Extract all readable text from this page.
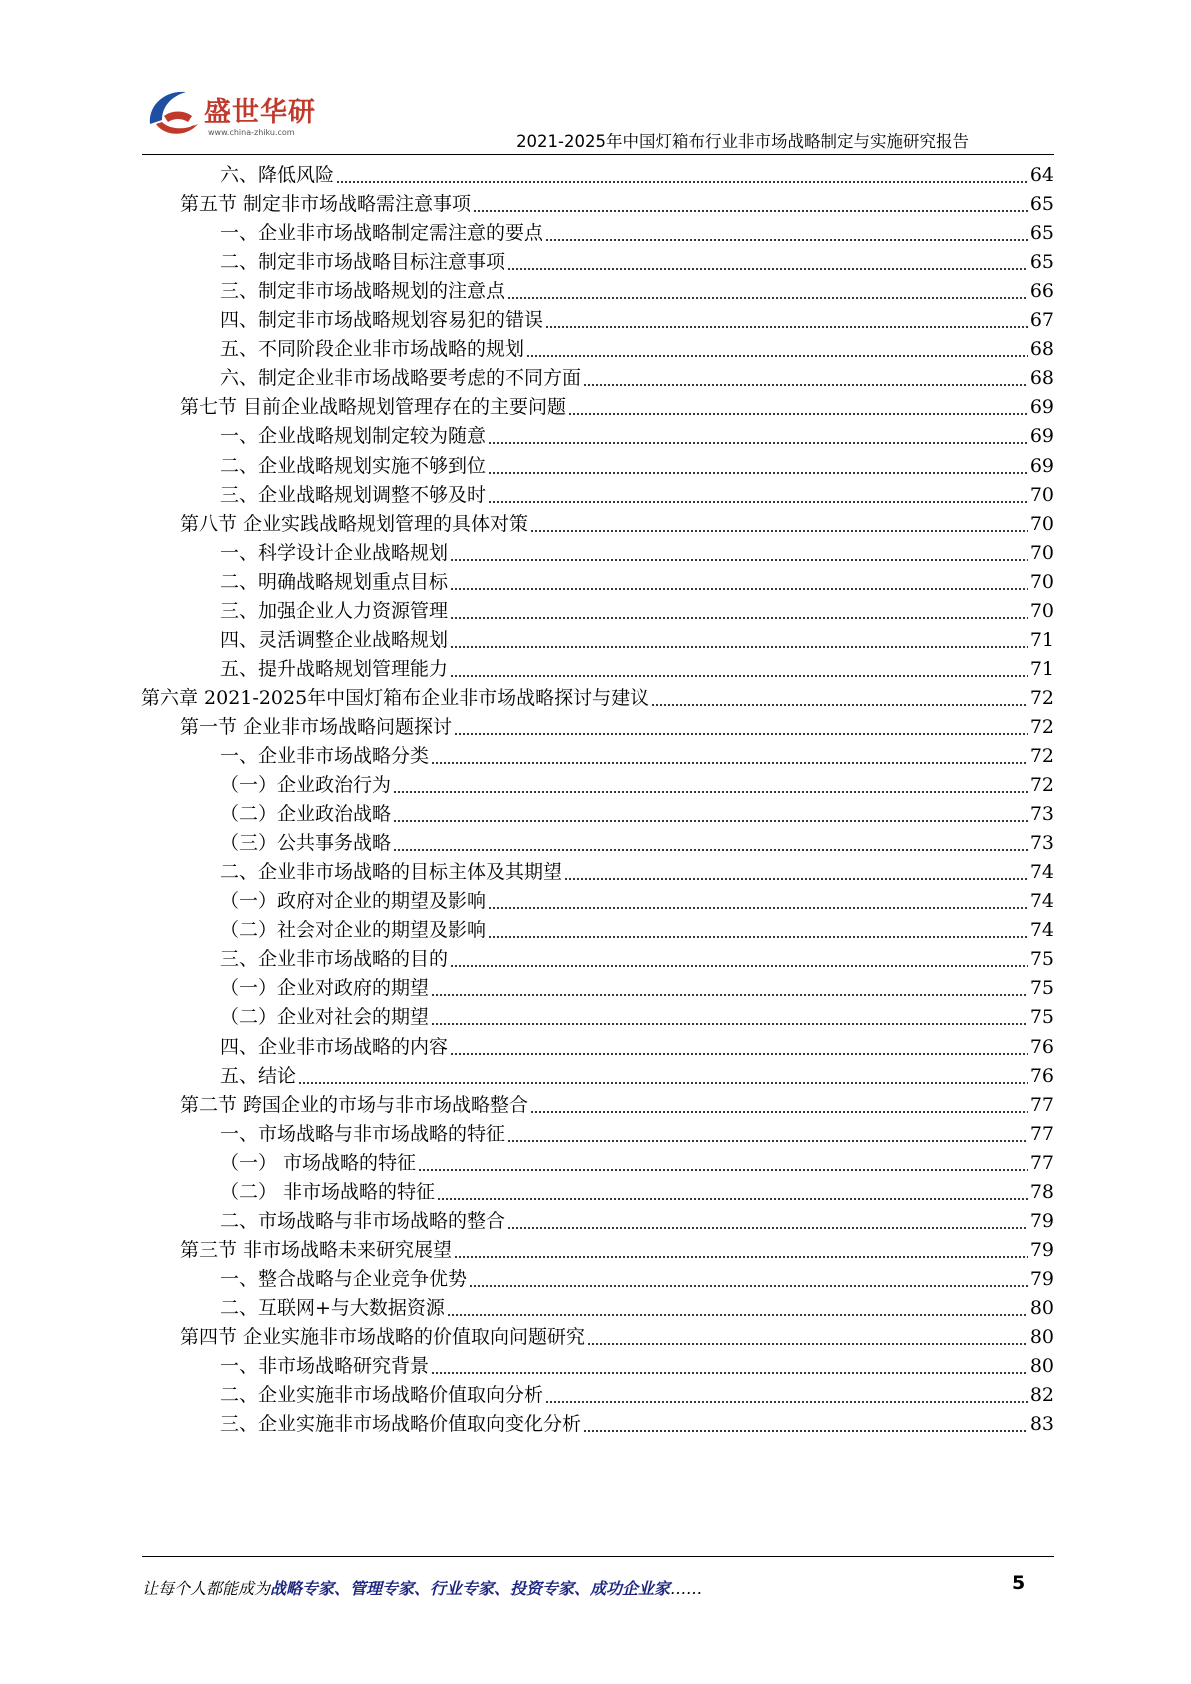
盛世华研
www.china-zhiku.com	2021-2025年中国灯箱布行业非市场战略制定与实施研究报告
六、降低风险	64
第五节 制定非市场战略需注意事项	65
一、企业非市场战略制定需注意的要点	65
二、制定非市场战略目标注意事项	65
三、制定非市场战略规划的注意点	66
四、制定非市场战略规划容易犯的错误	67
五、不同阶段企业非市场战略的规划	68
六、制定企业非市场战略要考虑的不同方面	68
第七节 目前企业战略规划管理存在的主要问题	69
一、企业战略规划制定较为随意	69
二、企业战略规划实施不够到位	69
三、企业战略规划调整不够及时	70
第八节 企业实践战略规划管理的具体对策	70
一、科学设计企业战略规划	70
二、明确战略规划重点目标	70
三、加强企业人力资源管理	70
四、灵活调整企业战略规划	71
五、提升战略规划管理能力	71
第六章 2021-2025年中国灯箱布企业非市场战略探讨与建议	72
第一节 企业非市场战略问题探讨	72
一、企业非市场战略分类	72
（一）企业政治行为	72
（二）企业政治战略	73
（三）公共事务战略	73
二、企业非市场战略的目标主体及其期望	74
（一）政府对企业的期望及影响	74
（二）社会对企业的期望及影响	74
三、企业非市场战略的目的	75
（一）企业对政府的期望	75
（二）企业对社会的期望	75
四、企业非市场战略的内容	76
五、结论	76
第二节 跨国企业的市场与非市场战略整合	77
一、市场战略与非市场战略的特征	77
（一） 市场战略的特征	77
（二） 非市场战略的特征	78
二、市场战略与非市场战略的整合	79
第三节 非市场战略未来研究展望	79
一、整合战略与企业竞争优势	79
二、互联网+与大数据资源	80
第四节 企业实施非市场战略的价值取向问题研究	80
一、非市场战略研究背景	80
二、企业实施非市场战略价值取向分析	82
三、企业实施非市场战略价值取向变化分析	83
让每个人都能成为战略专家、管理专家、行业专家、投资专家、成功企业家……	5
